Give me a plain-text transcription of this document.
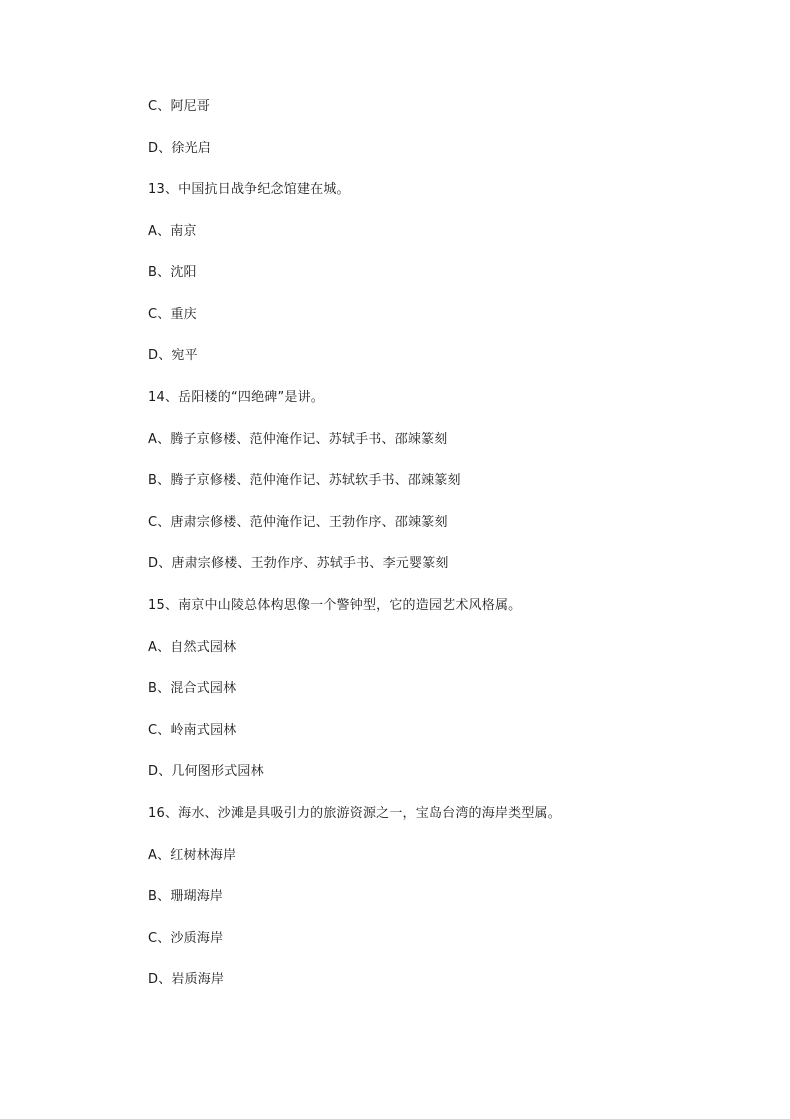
C、阿尼哥
D、徐光启
13、中国抗日战争纪念馆建在城。
A、南京
B、沈阳
C、重庆
D、宛平
14、岳阳楼的“四绝碑”是讲。
A、腾子京修楼、范仲淹作记、苏轼手书、邵竦篆刻
B、腾子京修楼、范仲淹作记、苏轼软手书、邵竦篆刻
C、唐肃宗修楼、范仲淹作记、王勃作序、邵竦篆刻
D、唐肃宗修楼、王勃作序、苏轼手书、李元婴篆刻
15、南京中山陵总体构思像一个警钟型，它的造园艺术风格属。
A、自然式园林
B、混合式园林
C、岭南式园林
D、几何图形式园林
16、海水、沙滩是具吸引力的旅游资源之一，宝岛台湾的海岸类型属。
A、红树林海岸
B、珊瑚海岸
C、沙质海岸
D、岩质海岸
